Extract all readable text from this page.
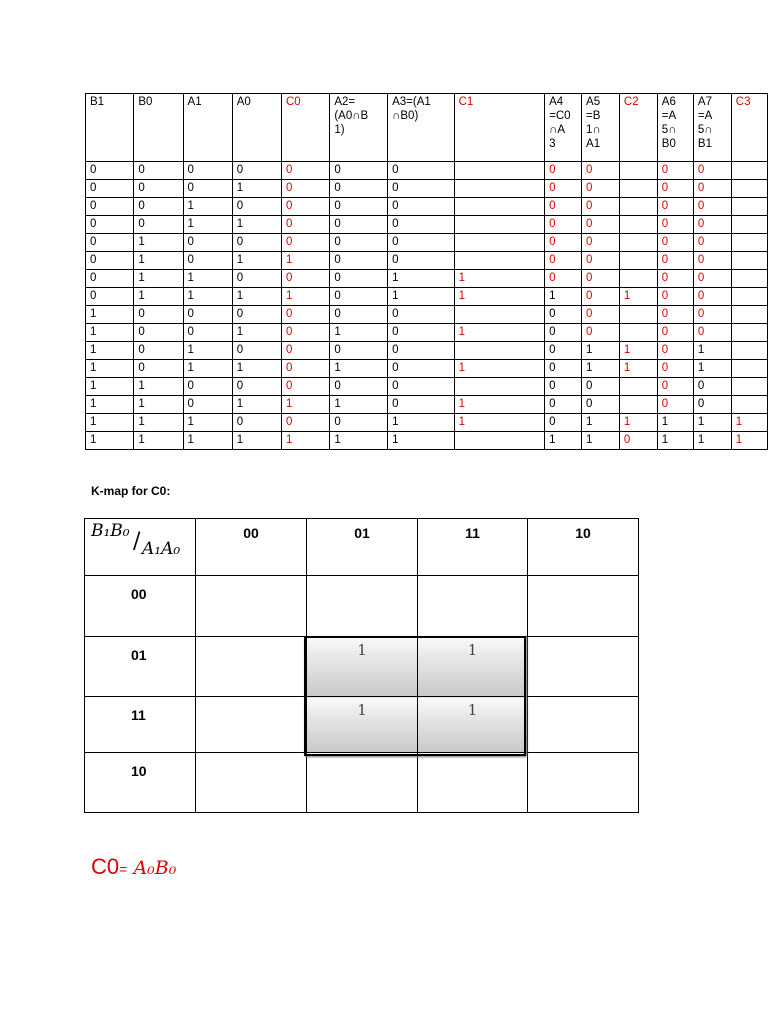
B1	B0	A1	A0	C0	A2=
(A0∩B
1)	A3=(A1
∩B0)	C1	A4
=C0
∩A
3	A5
=B
1∩
A1	C2	A6
=A
5∩
B0	A7
=A
5∩
B1	C3
0	0	0	0	0	0	0		0	0		0	0	
0	0	0	1	0	0	0		0	0		0	0	
0	0	1	0	0	0	0		0	0		0	0	
0	0	1	1	0	0	0		0	0		0	0	
0	1	0	0	0	0	0		0	0		0	0	
0	1	0	1	1	0	0		0	0		0	0	
0	1	1	0	0	0	1	1	0	0		0	0	
0	1	1	1	1	0	1	1	1	0	1	0	0	
1	0	0	0	0	0	0		0	0		0	0	
1	0	0	1	0	1	0	1	0	0		0	0	
1	0	1	0	0	0	0		0	1	1	0	1	
1	0	1	1	0	1	0	1	0	1	1	0	1	
1	1	0	0	0	0	0		0	0		0	0	
1	1	0	1	1	1	0	1	0	0		0	0	
1	1	1	0	0	0	1	1	0	1	1	1	1	1
1	1	1	1	1	1	1		1	1	0	1	1	1
K-map for C0:
B₁B₀ / A₁A₀	00	01	11	10
00				
01		1	1	
11		1	1	
10				
C0= A₀B₀
